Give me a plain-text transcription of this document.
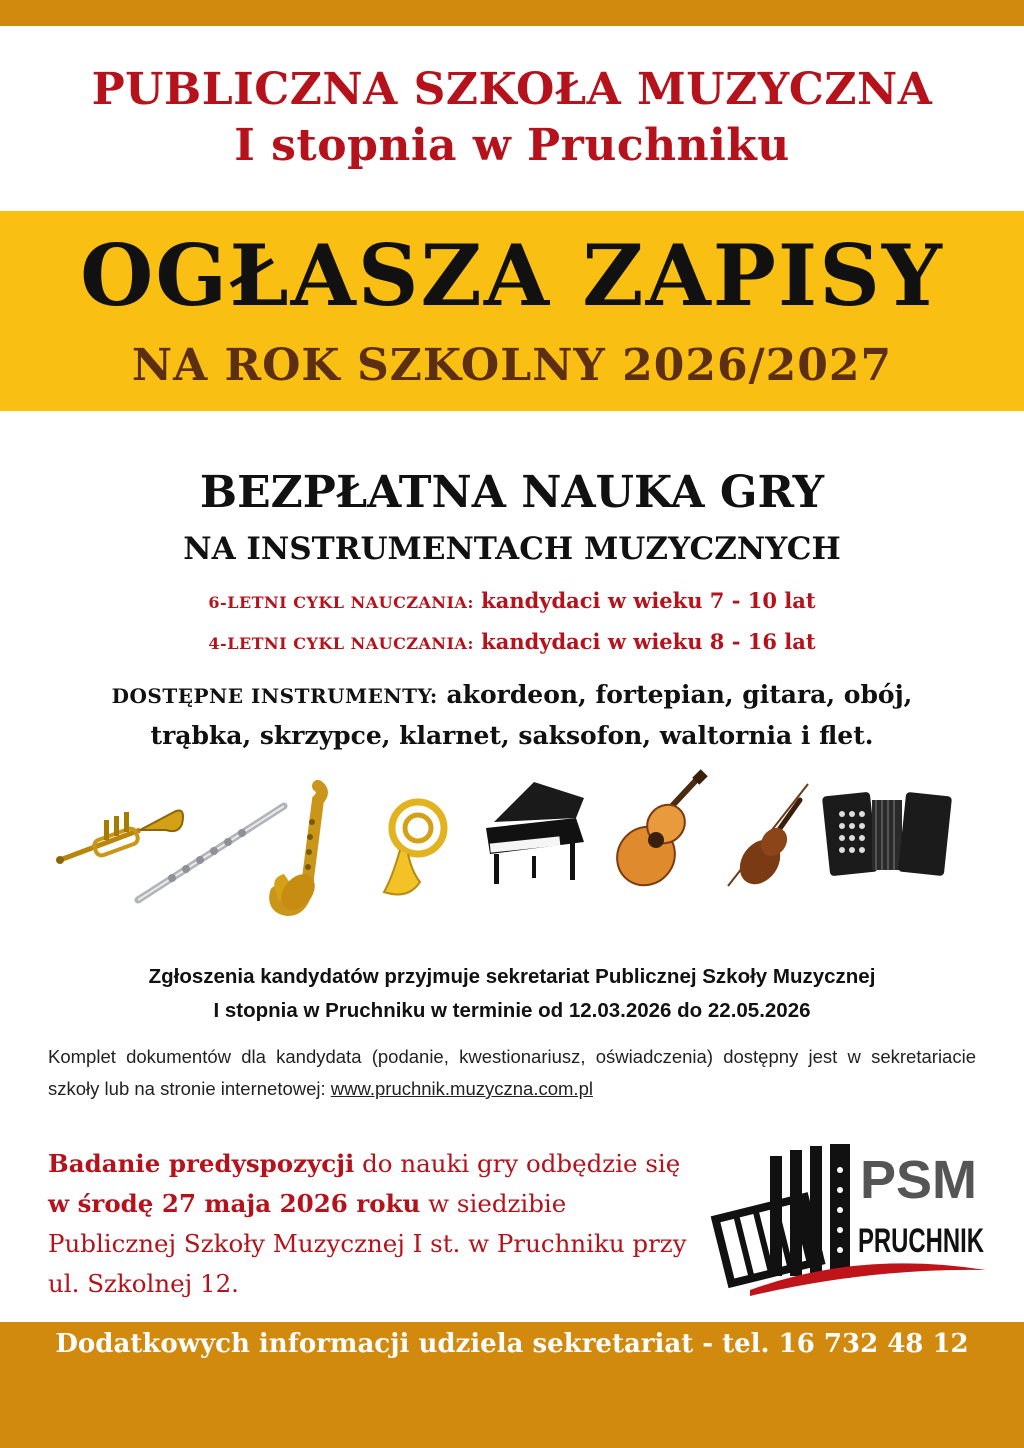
PUBLICZNA SZKOŁA MUZYCZNA
I stopnia w Pruchniku
OGŁASZA ZAPISY
NA ROK SZKOLNY 2026/2027
BEZPŁATNA NAUKA GRY
NA INSTRUMENTACH MUZYCZNYCH
6-LETNI CYKL NAUCZANIA: kandydaci w wieku 7 - 10 lat
4-LETNI CYKL NAUCZANIA: kandydaci w wieku 8 - 16 lat
DOSTĘPNE INSTRUMENTY: akordeon, fortepian, gitara, obój,
trąbka, skrzypce, klarnet, saksofon, waltornia i flet.
Zgłoszenia kandydatów przyjmuje sekretariat Publicznej Szkoły Muzycznej
I stopnia w Pruchniku w terminie od 12.03.2026 do 22.05.2026
Komplet dokumentów dla kandydata (podanie, kwestionariusz, oświadczenia) dostępny jest w sekretariacie szkoły lub na stronie internetowej: www.pruchnik.muzyczna.com.pl
Badanie predyspozycji do nauki gry odbędzie się w środę 27 maja 2026 roku w siedzibie Publicznej Szkoły Muzycznej I st. w Pruchniku przy ul. Szkolnej 12.
PSM
PRUCHNIK
Dodatkowych informacji udziela sekretariat - tel. 16 732 48 12
